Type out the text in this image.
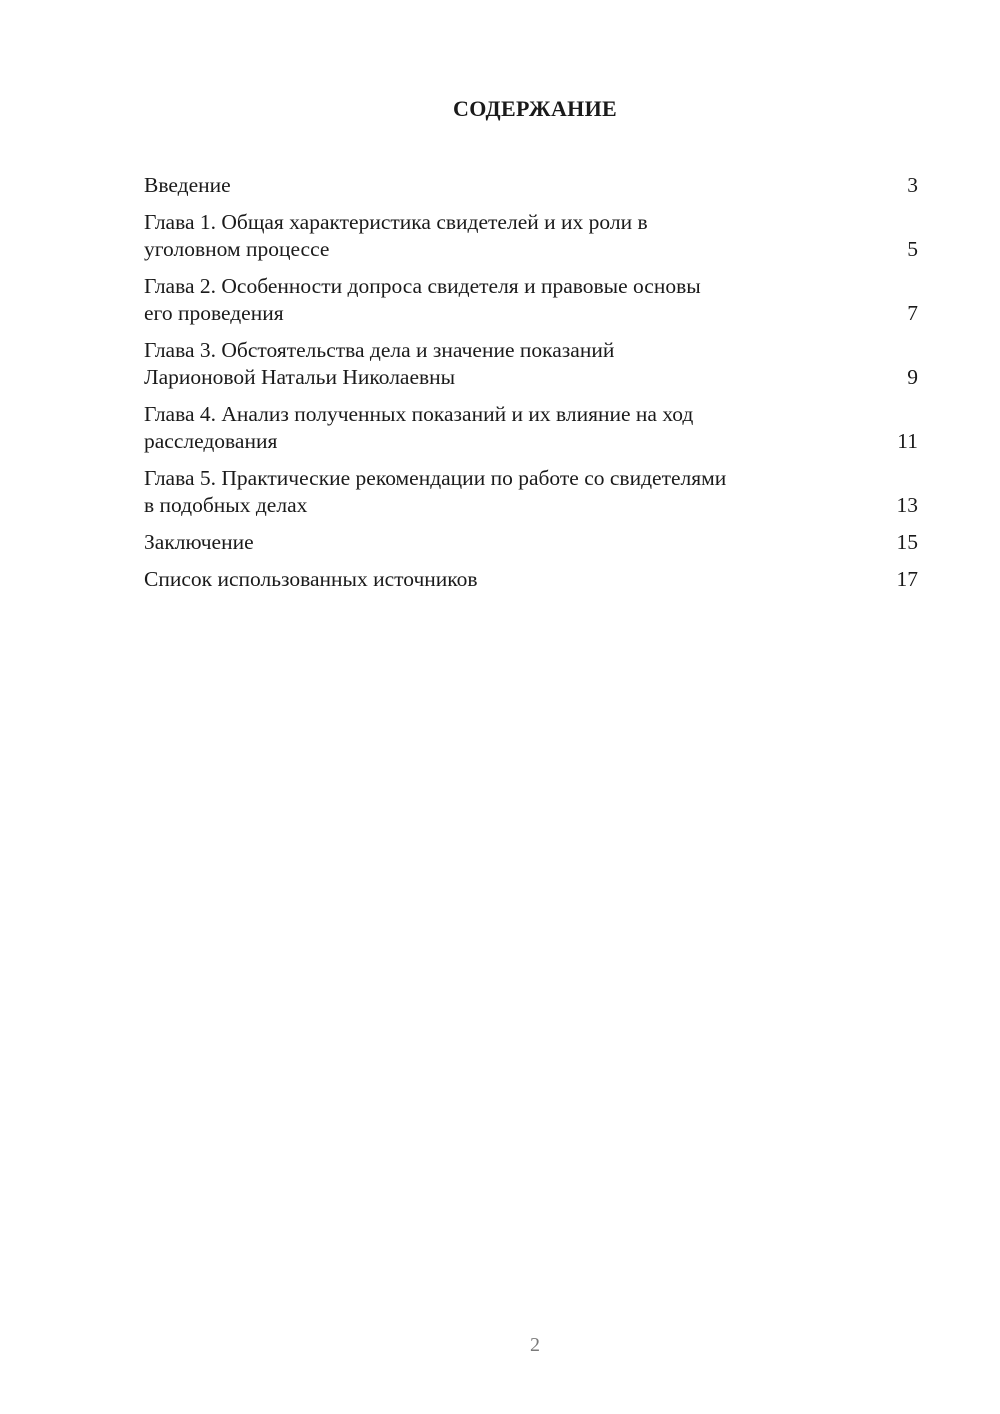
СОДЕРЖАНИЕ
Введение	3
Глава 1. Общая характеристика свидетелей и их роли в
уголовном процессе	5
Глава 2. Особенности допроса свидетеля и правовые основы
его проведения	7
Глава 3. Обстоятельства дела и значение показаний
Ларионовой Натальи Николаевны	9
Глава 4. Анализ полученных показаний и их влияние на ход
расследования	11
Глава 5. Практические рекомендации по работе со свидетелями
в подобных делах	13
Заключение	15
Список использованных источников	17
2
